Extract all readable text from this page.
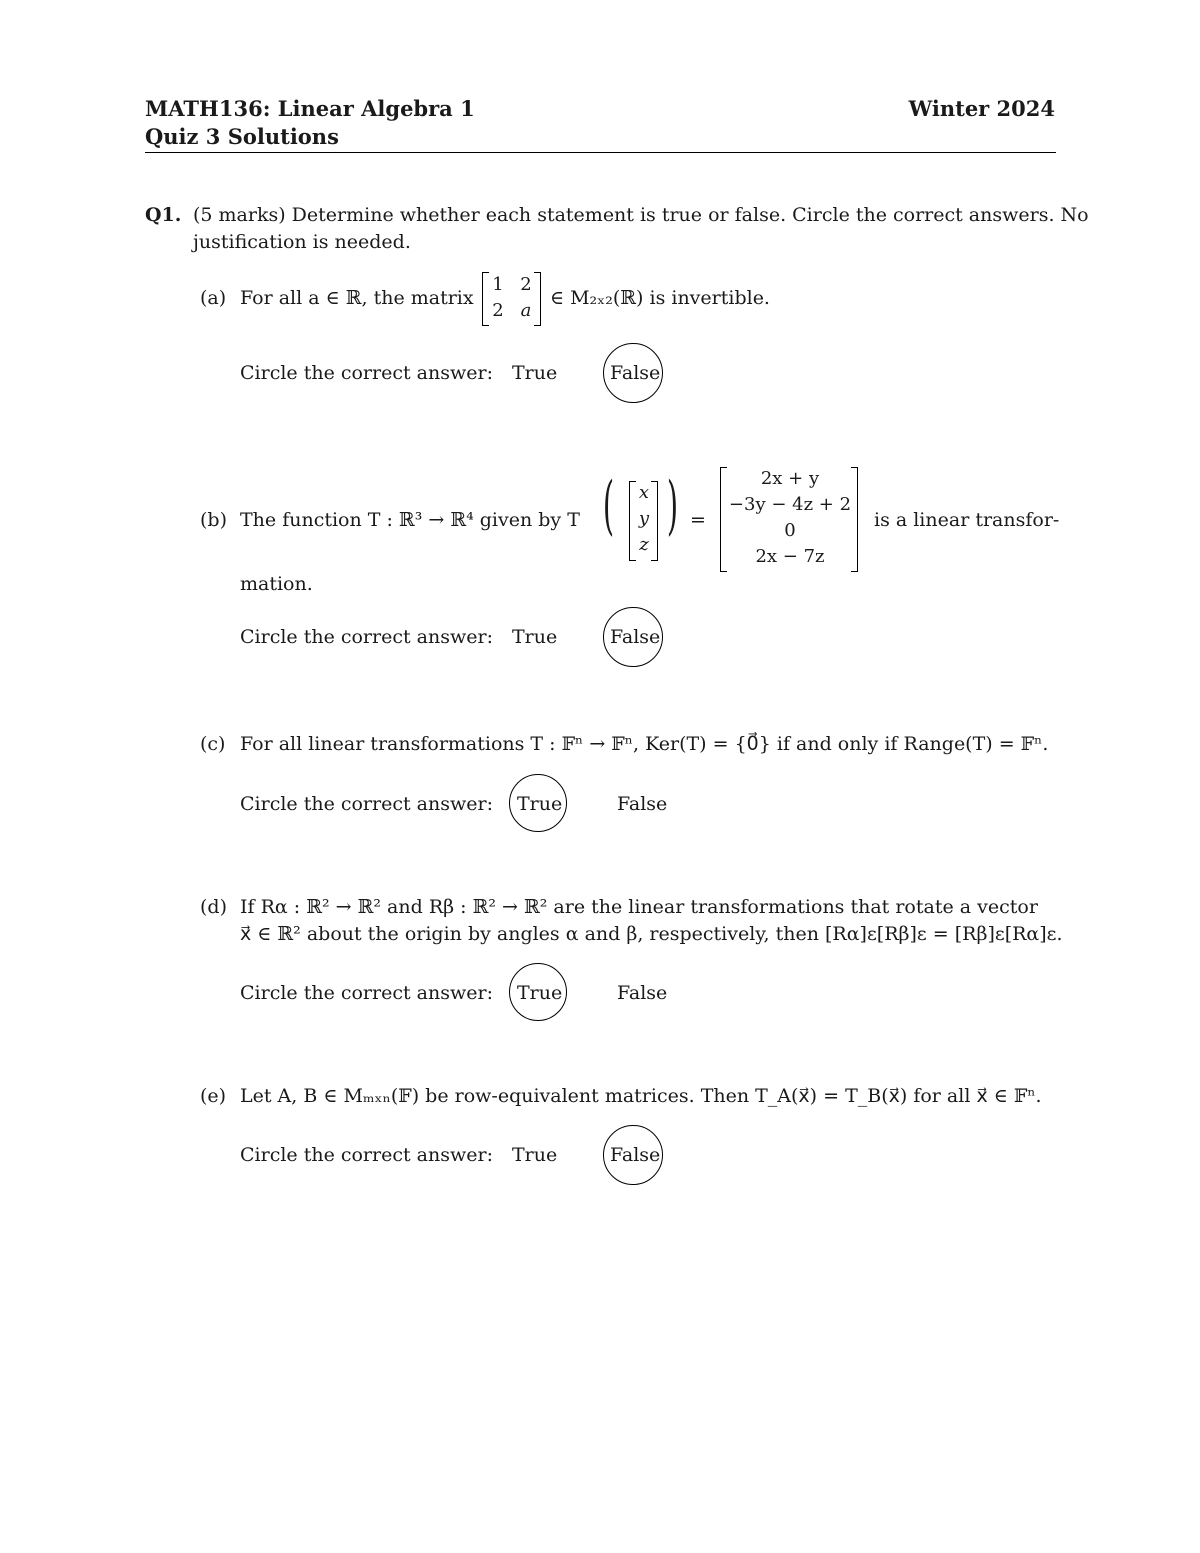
MATH136: Linear Algebra 1	Winter 2024
Quiz 3 Solutions
Q1. (5 marks) Determine whether each statement is true or false. Circle the correct answers. No
justification is needed.
(a) For all a ∈ ℝ, the matrix
1 2
2 a
∈ M₂ₓ₂(ℝ) is invertible.
Circle the correct answer: True	False
(b) The function T : ℝ³ → ℝ⁴ given by T ( x
y
z
) =
2x + y
−3y − 4z + 2
0
2x − 7z
is a linear transfor-
mation.
Circle the correct answer: True	False
(c) For all linear transformations T : 𝔽ⁿ → 𝔽ⁿ, Ker(T) = {0⃗} if and only if Range(T) = 𝔽ⁿ.
Circle the correct answer: True	False
(d) If Rα : ℝ² → ℝ² and Rβ : ℝ² → ℝ² are the linear transformations that rotate a vector
x⃗ ∈ ℝ² about the origin by angles α and β, respectively, then [Rα]ε[Rβ]ε = [Rβ]ε[Rα]ε.
Circle the correct answer: True	False
(e) Let A, B ∈ Mₘₓₙ(𝔽) be row-equivalent matrices. Then T_A(x⃗) = T_B(x⃗) for all x⃗ ∈ 𝔽ⁿ.
Circle the correct answer: True	False
